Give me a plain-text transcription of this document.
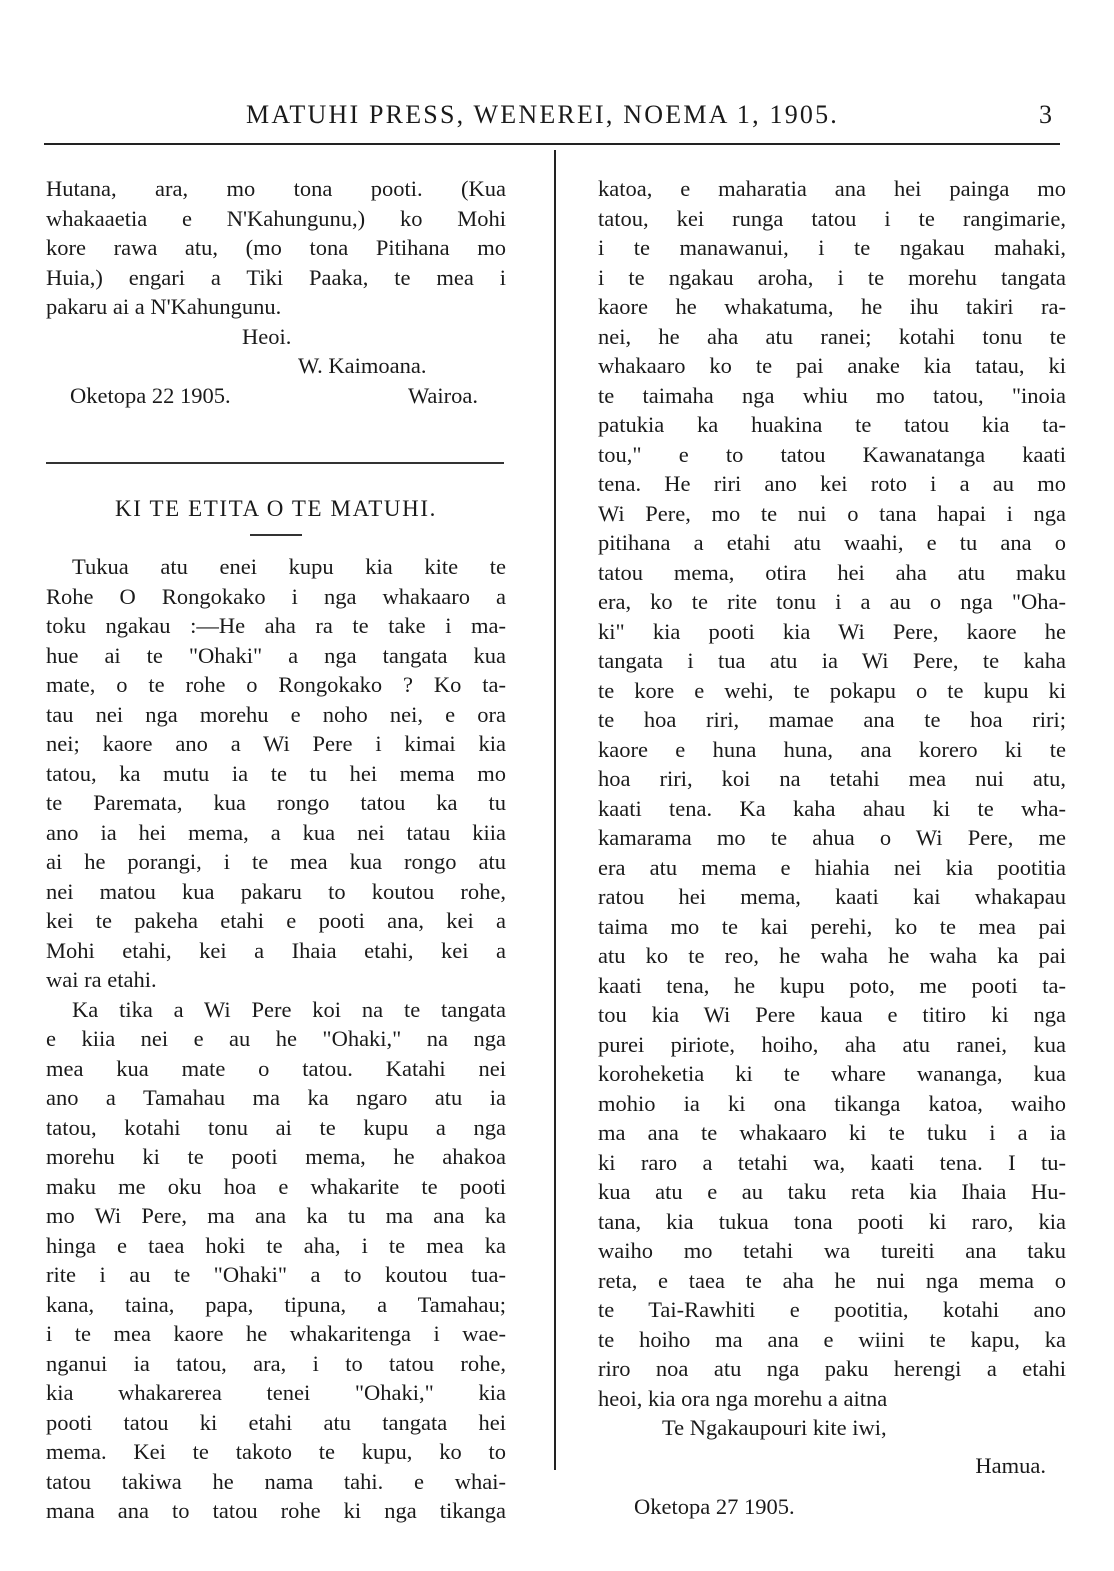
MATUHI PRESS, WENEREI, NOEMA 1, 1905.	3
Hutana, ara, mo tona pooti. (Kua
whakaaetia e N'Kahungunu,) ko Mohi
kore rawa atu, (mo tona Pitihana mo
Huia,) engari a Tiki Paaka, te mea i
pakaru ai a N'Kahungunu.
Heoi.
W. Kaimoana.
Oketopa 22 1905.	Wairoa.
KI TE ETITA O TE MATUHI.
Tukua atu enei kupu kia kite te
Rohe O Rongokako i nga whakaaro a
toku ngakau :—He aha ra te take i ma-
hue ai te "Ohaki" a nga tangata kua
mate, o te rohe o Rongokako ? Ko ta-
tau nei nga morehu e noho nei, e ora
nei; kaore ano a Wi Pere i kimai kia
tatou, ka mutu ia te tu hei mema mo
te Paremata, kua rongo tatou ka tu
ano ia hei mema, a kua nei tatau kiia
ai he porangi, i te mea kua rongo atu
nei matou kua pakaru to koutou rohe,
kei te pakeha etahi e pooti ana, kei a
Mohi etahi, kei a Ihaia etahi, kei a
wai ra etahi.
Ka tika a Wi Pere koi na te tangata
e kiia nei e au he "Ohaki," na nga
mea kua mate o tatou. Katahi nei
ano a Tamahau ma ka ngaro atu ia
tatou, kotahi tonu ai te kupu a nga
morehu ki te pooti mema, he ahakoa
maku me oku hoa e whakarite te pooti
mo Wi Pere, ma ana ka tu ma ana ka
hinga e taea hoki te aha, i te mea ka
rite i au te "Ohaki" a to koutou tua-
kana, taina, papa, tipuna, a Tamahau;
i te mea kaore he whakaritenga i wae-
nganui ia tatou, ara, i to tatou rohe,
kia whakarerea tenei "Ohaki," kia
pooti tatou ki etahi atu tangata hei
mema. Kei te takoto te kupu, ko to
tatou takiwa he nama tahi. e whai-
mana ana to tatou rohe ki nga tikanga
katoa, e maharatia ana hei painga mo
tatou, kei runga tatou i te rangimarie,
i te manawanui, i te ngakau mahaki,
i te ngakau aroha, i te morehu tangata
kaore he whakatuma, he ihu takiri ra-
nei, he aha atu ranei; kotahi tonu te
whakaaro ko te pai anake kia tatau, ki
te taimaha nga whiu mo tatou, "inoia
patukia ka huakina te tatou kia ta-
tou," e to tatou Kawanatanga kaati
tena. He riri ano kei roto i a au mo
Wi Pere, mo te nui o tana hapai i nga
pitihana a etahi atu waahi, e tu ana o
tatou mema, otira hei aha atu maku
era, ko te rite tonu i a au o nga "Oha-
ki" kia pooti kia Wi Pere, kaore he
tangata i tua atu ia Wi Pere, te kaha
te kore e wehi, te pokapu o te kupu ki
te hoa riri, mamae ana te hoa riri;
kaore e huna huna, ana korero ki te
hoa riri, koi na tetahi mea nui atu,
kaati tena. Ka kaha ahau ki te wha-
kamarama mo te ahua o Wi Pere, me
era atu mema e hiahia nei kia pootitia
ratou hei mema, kaati kai whakapau
taima mo te kai perehi, ko te mea pai
atu ko te reo, he waha he waha ka pai
kaati tena, he kupu poto, me pooti ta-
tou kia Wi Pere kaua e titiro ki nga
purei piriote, hoiho, aha atu ranei, kua
koroheketia ki te whare wananga, kua
mohio ia ki ona tikanga katoa, waiho
ma ana te whakaaro ki te tuku i a ia
ki raro a tetahi wa, kaati tena. I tu-
kua atu e au taku reta kia Ihaia Hu-
tana, kia tukua tona pooti ki raro, kia
waiho mo tetahi wa tureiti ana taku
reta, e taea te aha he nui nga mema o
te Tai-Rawhiti e pootitia, kotahi ano
te hoiho ma ana e wiini te kapu, ka
riro noa atu nga paku herengi a etahi
heoi, kia ora nga morehu a aitna
Te Ngakaupouri kite iwi,
Hamua.
Oketopa 27 1905.
